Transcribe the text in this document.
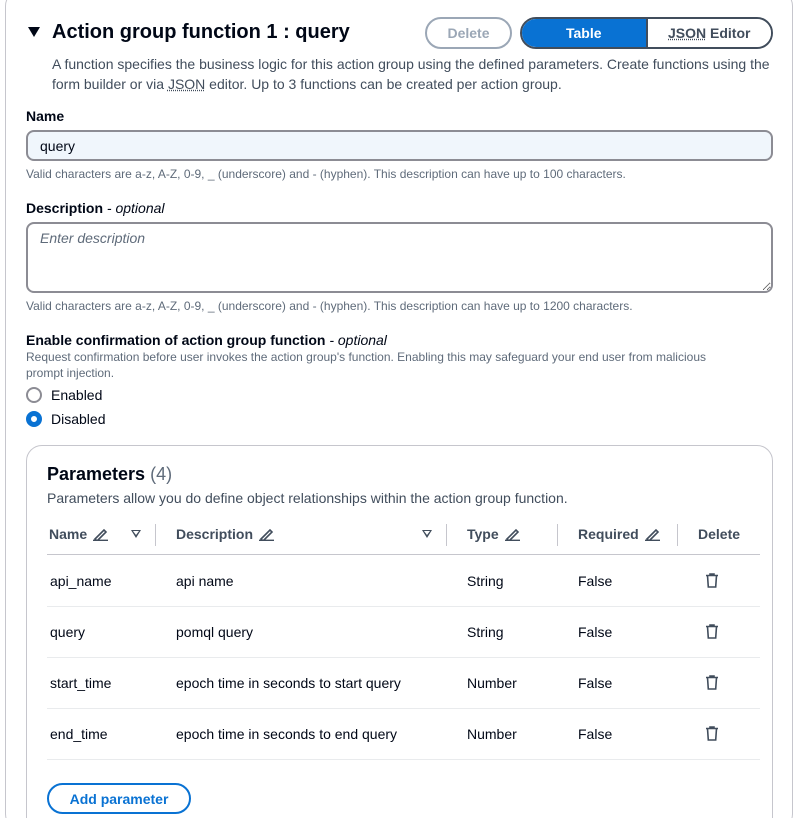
Action group function 1 : query
A function specifies the business logic for this action group using the defined parameters. Create functions using the form builder or via JSON editor. Up to 3 functions can be created per action group.
Delete	Table	JSON Editor
Name
query
Valid characters are a-z, A-Z, 0-9, _ (underscore) and - (hyphen). This description can have up to 100 characters.
Description - optional
Enter description
Valid characters are a-z, A-Z, 0-9, _ (underscore) and - (hyphen). This description can have up to 1200 characters.
Enable confirmation of action group function - optional
Request confirmation before user invokes the action group's function. Enabling this may safeguard your end user from malicious prompt injection.
Enabled
Disabled
Parameters (4)
Parameters allow you do define object relationships within the action group function.
Name	Description	Type	Required	Delete
api_name	api name	String	False
query	pomql query	String	False
start_time	epoch time in seconds to start query	Number	False
end_time	epoch time in seconds to end query	Number	False
Add parameter
